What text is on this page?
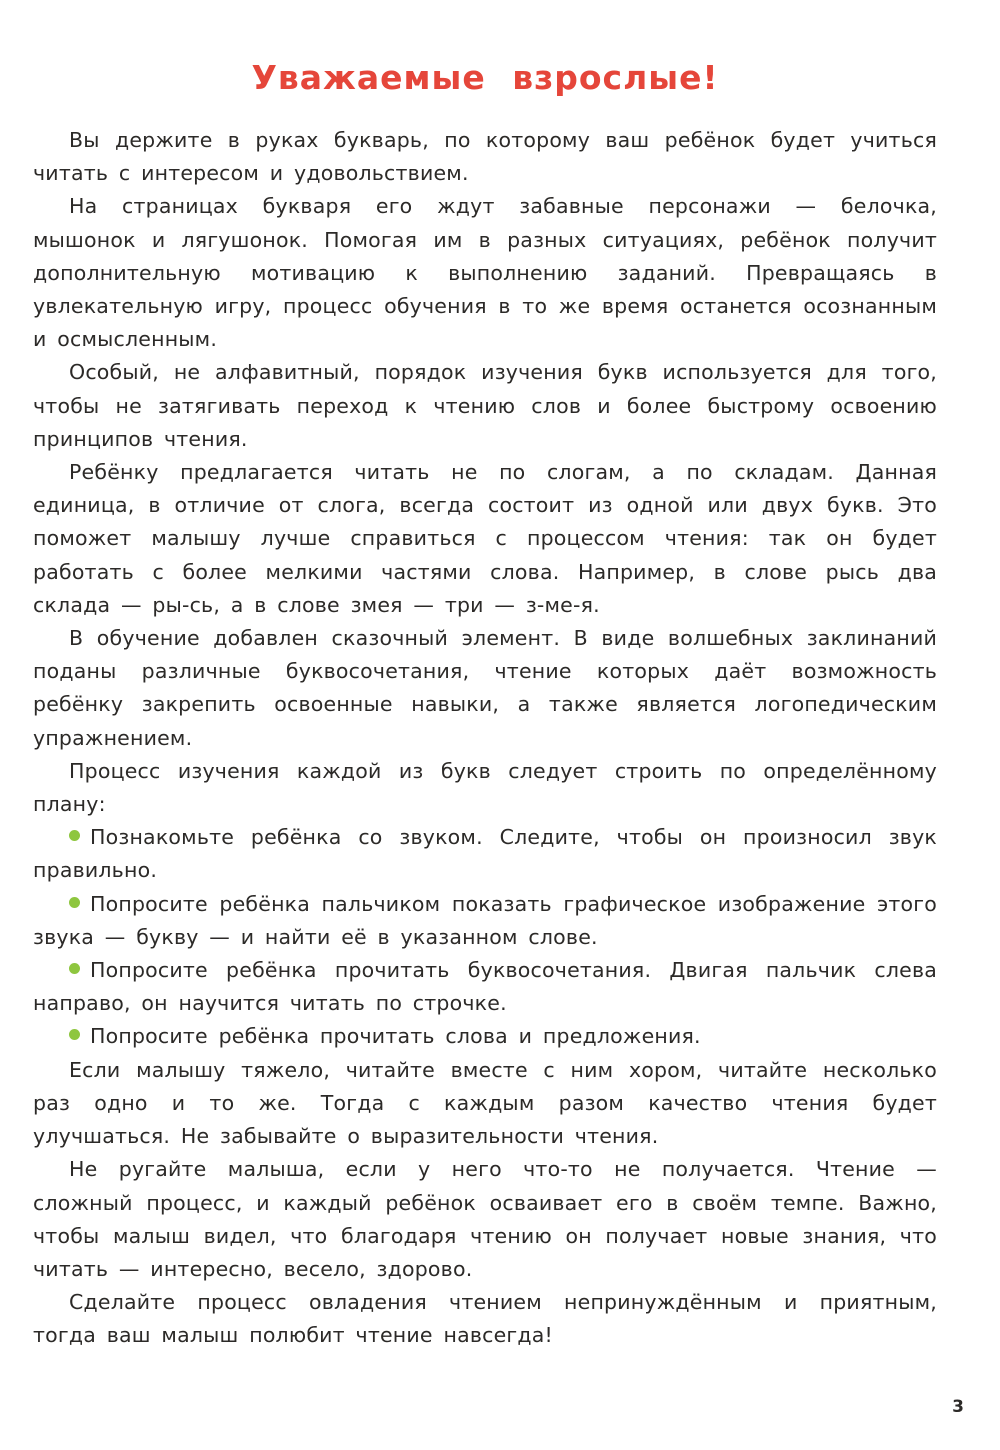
Уважаемые взрослые!

Вы держите в руках букварь, по которому ваш ребёнок будет учиться читать с интересом и удовольствием.

На страницах букваря его ждут забавные персонажи — белочка, мышонок и лягушонок. Помогая им в разных ситуациях, ребёнок получит дополнительную мотивацию к выполнению заданий. Превращаясь в увлекательную игру, процесс обучения в то же время останется осознанным и осмысленным.

Особый, не алфавитный, порядок изучения букв используется для того, чтобы не затягивать переход к чтению слов и более быстрому освоению принципов чтения.

Ребёнку предлагается читать не по слогам, а по складам. Данная единица, в отличие от слога, всегда состоит из одной или двух букв. Это поможет малышу лучше справиться с процессом чтения: так он будет работать с более мелкими частями слова. Например, в слове рысь два склада — ры-сь, а в слове змея — три — з-ме-я.

В обучение добавлен сказочный элемент. В виде волшебных заклинаний поданы различные буквосочетания, чтение которых даёт возможность ребёнку закрепить освоенные навыки, а также является логопедическим упражнением.

Процесс изучения каждой из букв следует строить по определённому плану:

Познакомьте ребёнка со звуком. Следите, чтобы он произносил звук правильно.

Попросите ребёнка пальчиком показать графическое изображение этого звука — букву — и найти её в указанном слове.

Попросите ребёнка прочитать буквосочетания. Двигая пальчик слева направо, он научится читать по строчке.

Попросите ребёнка прочитать слова и предложения.

Если малышу тяжело, читайте вместе с ним хором, читайте несколько раз одно и то же. Тогда с каждым разом качество чтения будет улучшаться. Не забывайте о выразительности чтения.

Не ругайте малыша, если у него что-то не получается. Чтение — сложный процесс, и каждый ребёнок осваивает его в своём темпе. Важно, чтобы малыш видел, что благодаря чтению он получает новые знания, что читать — интересно, весело, здорово.

Сделайте процесс овладения чтением непринуждённым и приятным, тогда ваш малыш полюбит чтение навсегда!

3
